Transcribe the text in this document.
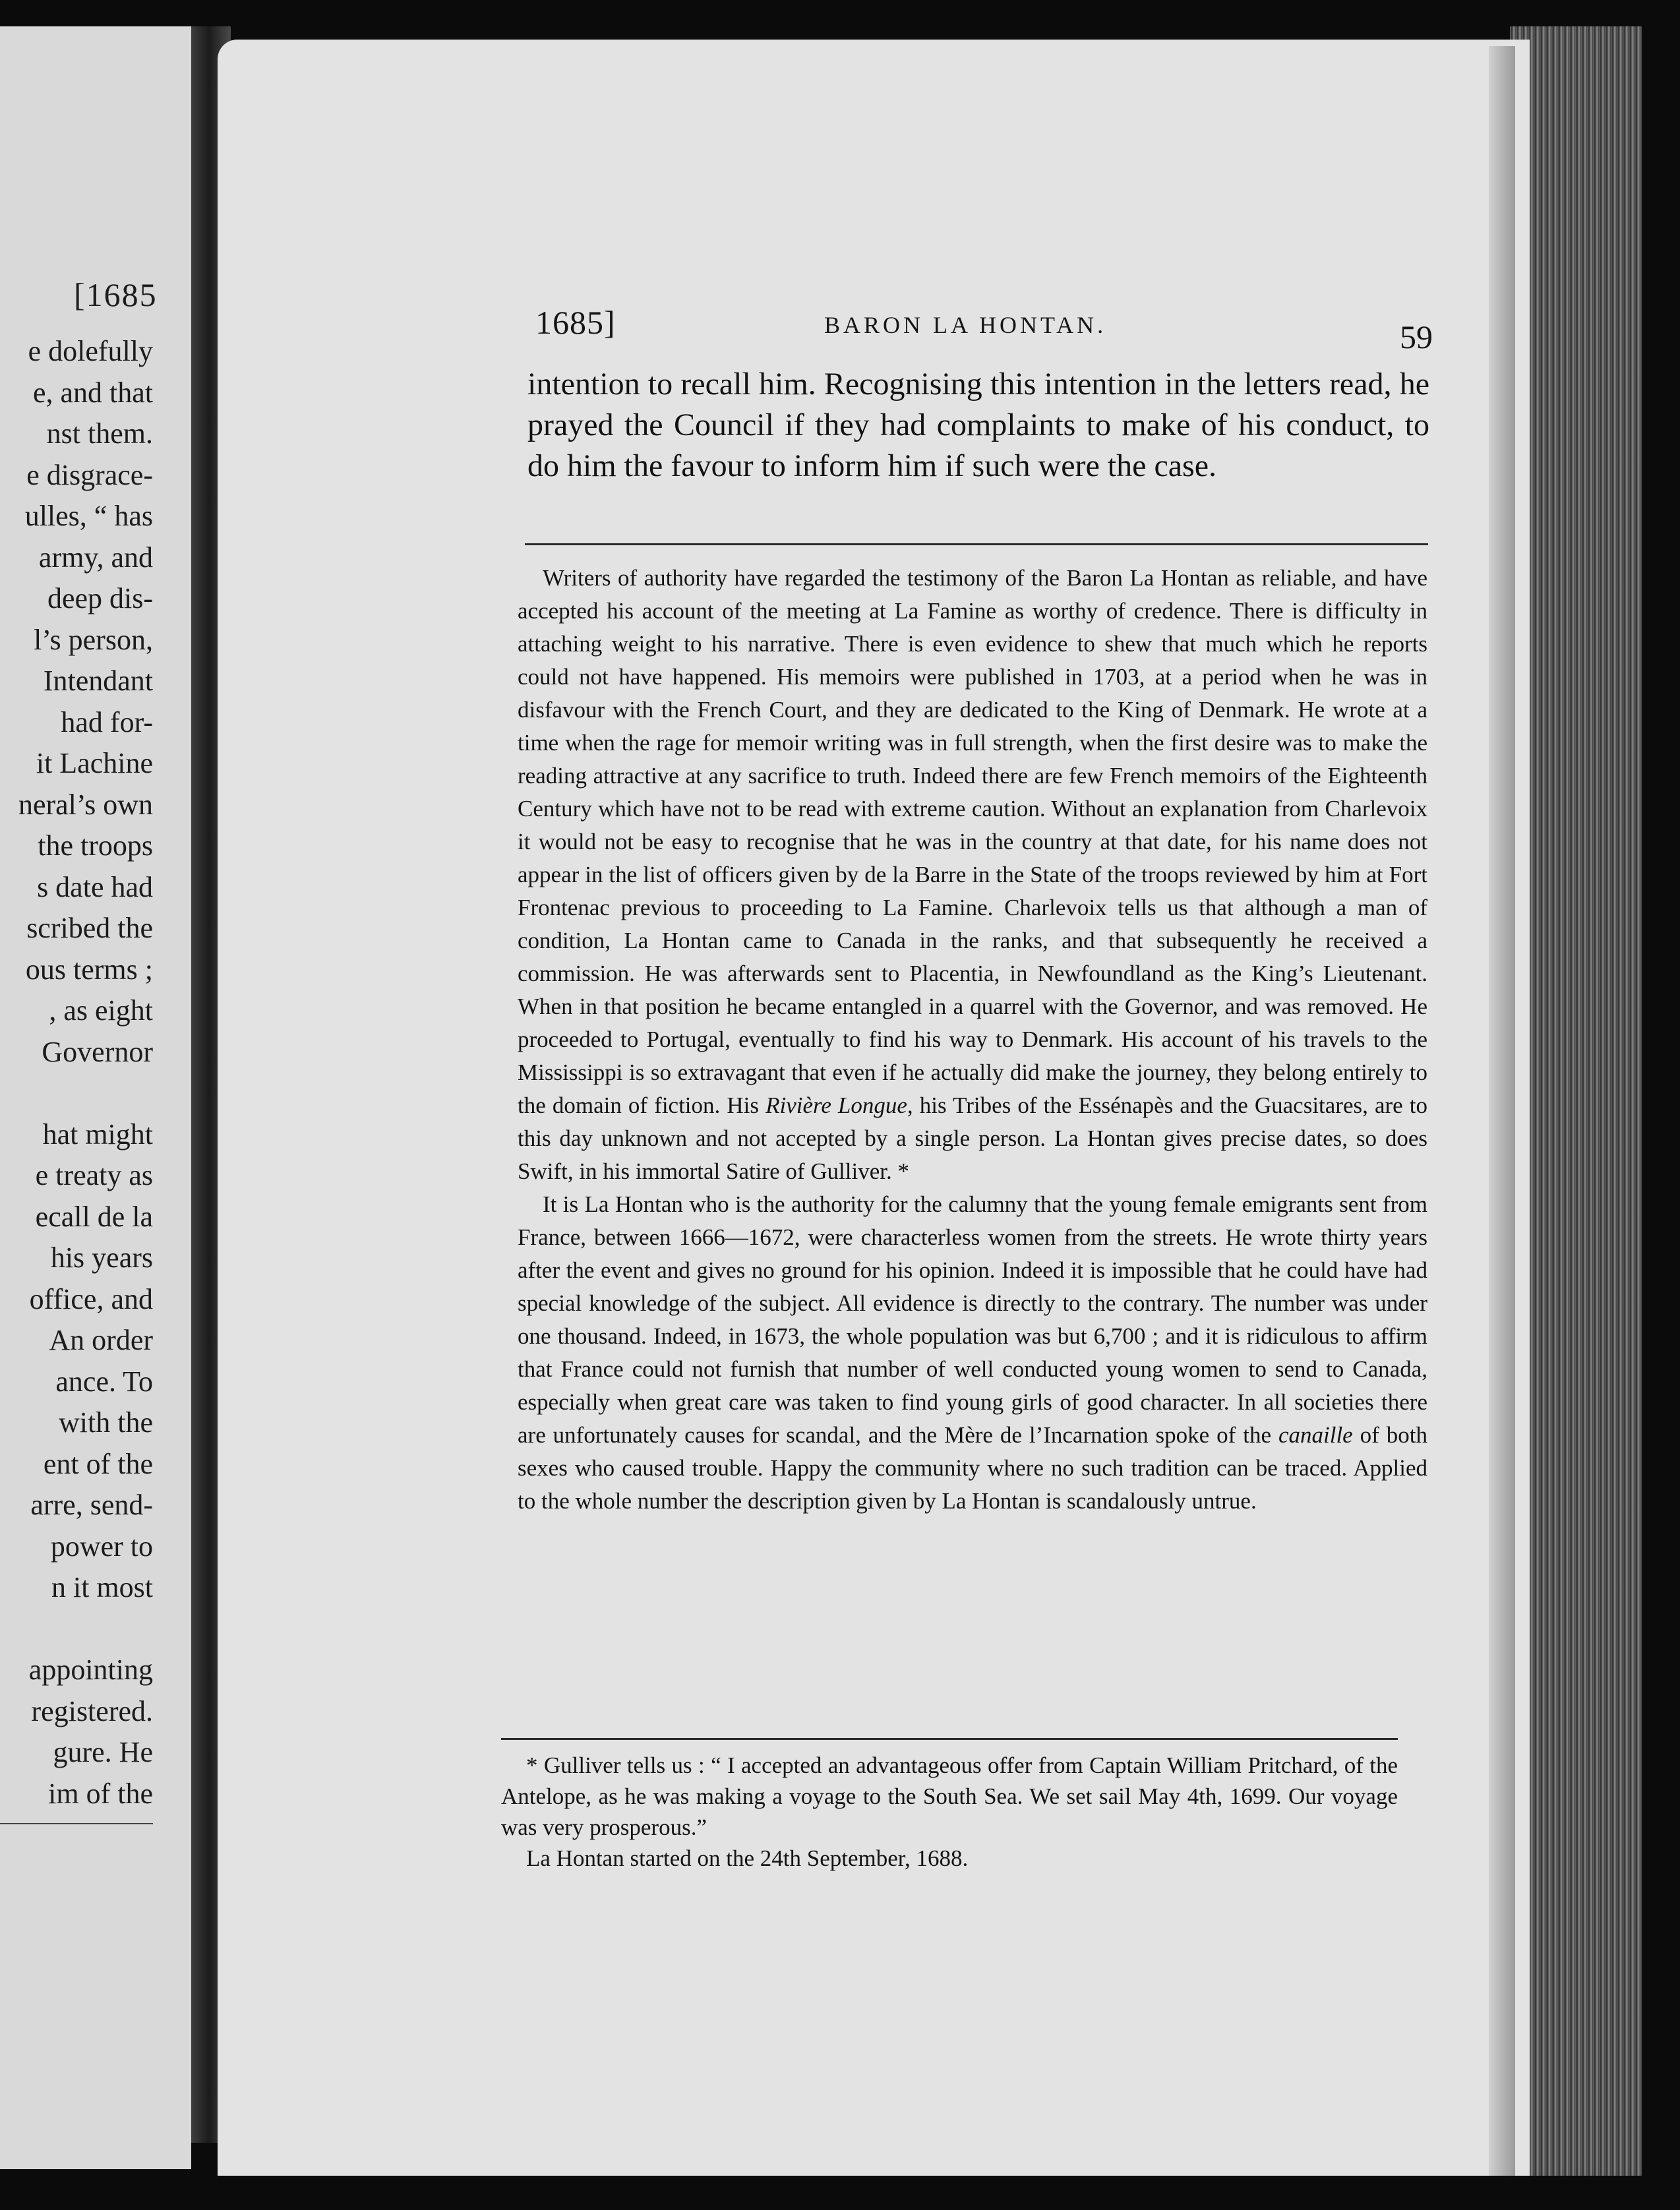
[1685
e dolefully
e, and that
nst them.
e disgrace-
ulles, “ has
army, and
deep dis-
l’s person,
Intendant
had for-
it Lachine
neral’s own
the troops
s date had
scribed the
ous terms ;
, as eight
Governor
hat might
e treaty as
ecall de la
his years
office, and
An order
ance. To
with the
ent of the
arre, send-
power to
n it most
appointing
registered.
gure. He
im of the
1685]	BARON LA HONTAN.	59
intention to recall him. Recognising this intention in the letters read, he prayed the Council if they had complaints to make of his conduct, to do him the favour to inform him if such were the case.

Writers of authority have regarded the testimony of the Baron La Hontan as reliable, and have accepted his account of the meeting at La Famine as worthy of credence. There is difficulty in attaching weight to his narrative. There is even evidence to shew that much which he reports could not have happened. His memoirs were published in 1703, at a period when he was in disfavour with the French Court, and they are dedicated to the King of Denmark. He wrote at a time when the rage for memoir writing was in full strength, when the first desire was to make the reading attractive at any sacrifice to truth. Indeed there are few French memoirs of the Eighteenth Century which have not to be read with extreme caution. Without an explanation from Charlevoix it would not be easy to recognise that he was in the country at that date, for his name does not appear in the list of officers given by de la Barre in the State of the troops reviewed by him at Fort Frontenac previous to proceeding to La Famine. Charlevoix tells us that although a man of condition, La Hontan came to Canada in the ranks, and that subsequently he received a commission. He was afterwards sent to Placentia, in Newfoundland as the King’s Lieutenant. When in that position he became entangled in a quarrel with the Governor, and was removed. He proceeded to Portugal, eventually to find his way to Denmark. His account of his travels to the Mississippi is so extravagant that even if he actually did make the journey, they belong entirely to the domain of fiction. His Rivière Longue, his Tribes of the Essénapès and the Guacsitares, are to this day unknown and not accepted by a single person. La Hontan gives precise dates, so does Swift, in his immortal Satire of Gulliver. *

It is La Hontan who is the authority for the calumny that the young female emigrants sent from France, between 1666—1672, were characterless women from the streets. He wrote thirty years after the event and gives no ground for his opinion. Indeed it is impossible that he could have had special knowledge of the subject. All evidence is directly to the contrary. The number was under one thousand. Indeed, in 1673, the whole population was but 6,700 ; and it is ridiculous to affirm that France could not furnish that number of well conducted young women to send to Canada, especially when great care was taken to find young girls of good character. In all societies there are unfortunately causes for scandal, and the Mère de l’Incarnation spoke of the canaille of both sexes who caused trouble. Happy the community where no such tradition can be traced. Applied to the whole number the description given by La Hontan is scandalously untrue.

* Gulliver tells us : “ I accepted an advantageous offer from Captain William Pritchard, of the Antelope, as he was making a voyage to the South Sea. We set sail May 4th, 1699. Our voyage was very prosperous.”

La Hontan started on the 24th September, 1688.
